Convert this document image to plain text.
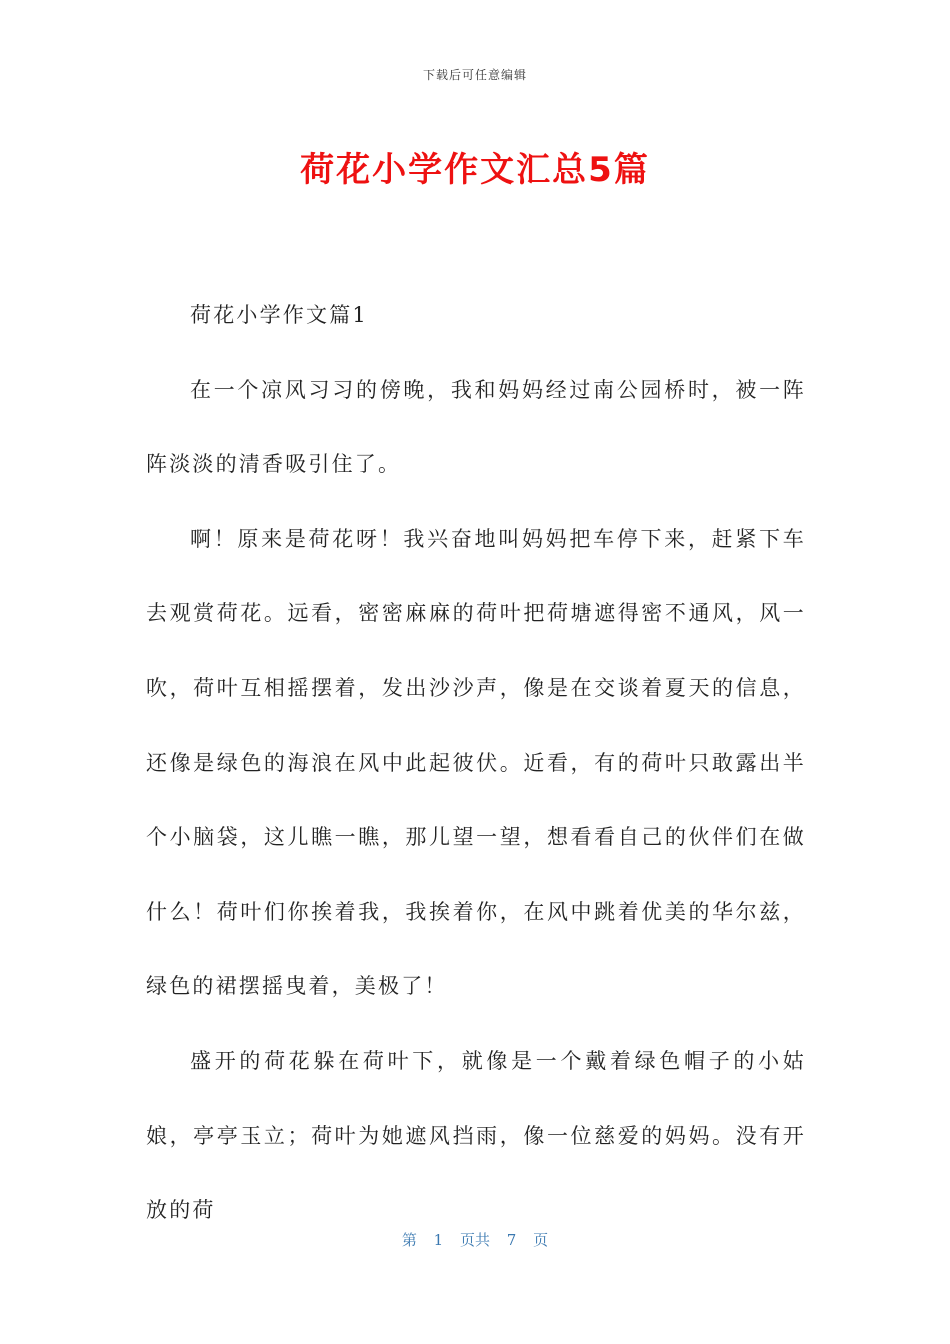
下载后可任意编辑
荷花小学作文汇总5篇

荷花小学作文篇1

在一个凉风习习的傍晚，我和妈妈经过南公园桥时，被一阵阵淡淡的清香吸引住了。

啊！原来是荷花呀！我兴奋地叫妈妈把车停下来，赶紧下车去观赏荷花。远看，密密麻麻的荷叶把荷塘遮得密不通风，风一吹，荷叶互相摇摆着，发出沙沙声，像是在交谈着夏天的信息，还像是绿色的海浪在风中此起彼伏。近看，有的荷叶只敢露出半个小脑袋，这儿瞧一瞧，那儿望一望，想看看自己的伙伴们在做什么！荷叶们你挨着我，我挨着你，在风中跳着优美的华尔兹，绿色的裙摆摇曳着，美极了！

盛开的荷花躲在荷叶下，就像是一个戴着绿色帽子的小姑娘，亭亭玉立；荷叶为她遮风挡雨，像一位慈爱的妈妈。没有开放的荷

第 1 页共 7 页
